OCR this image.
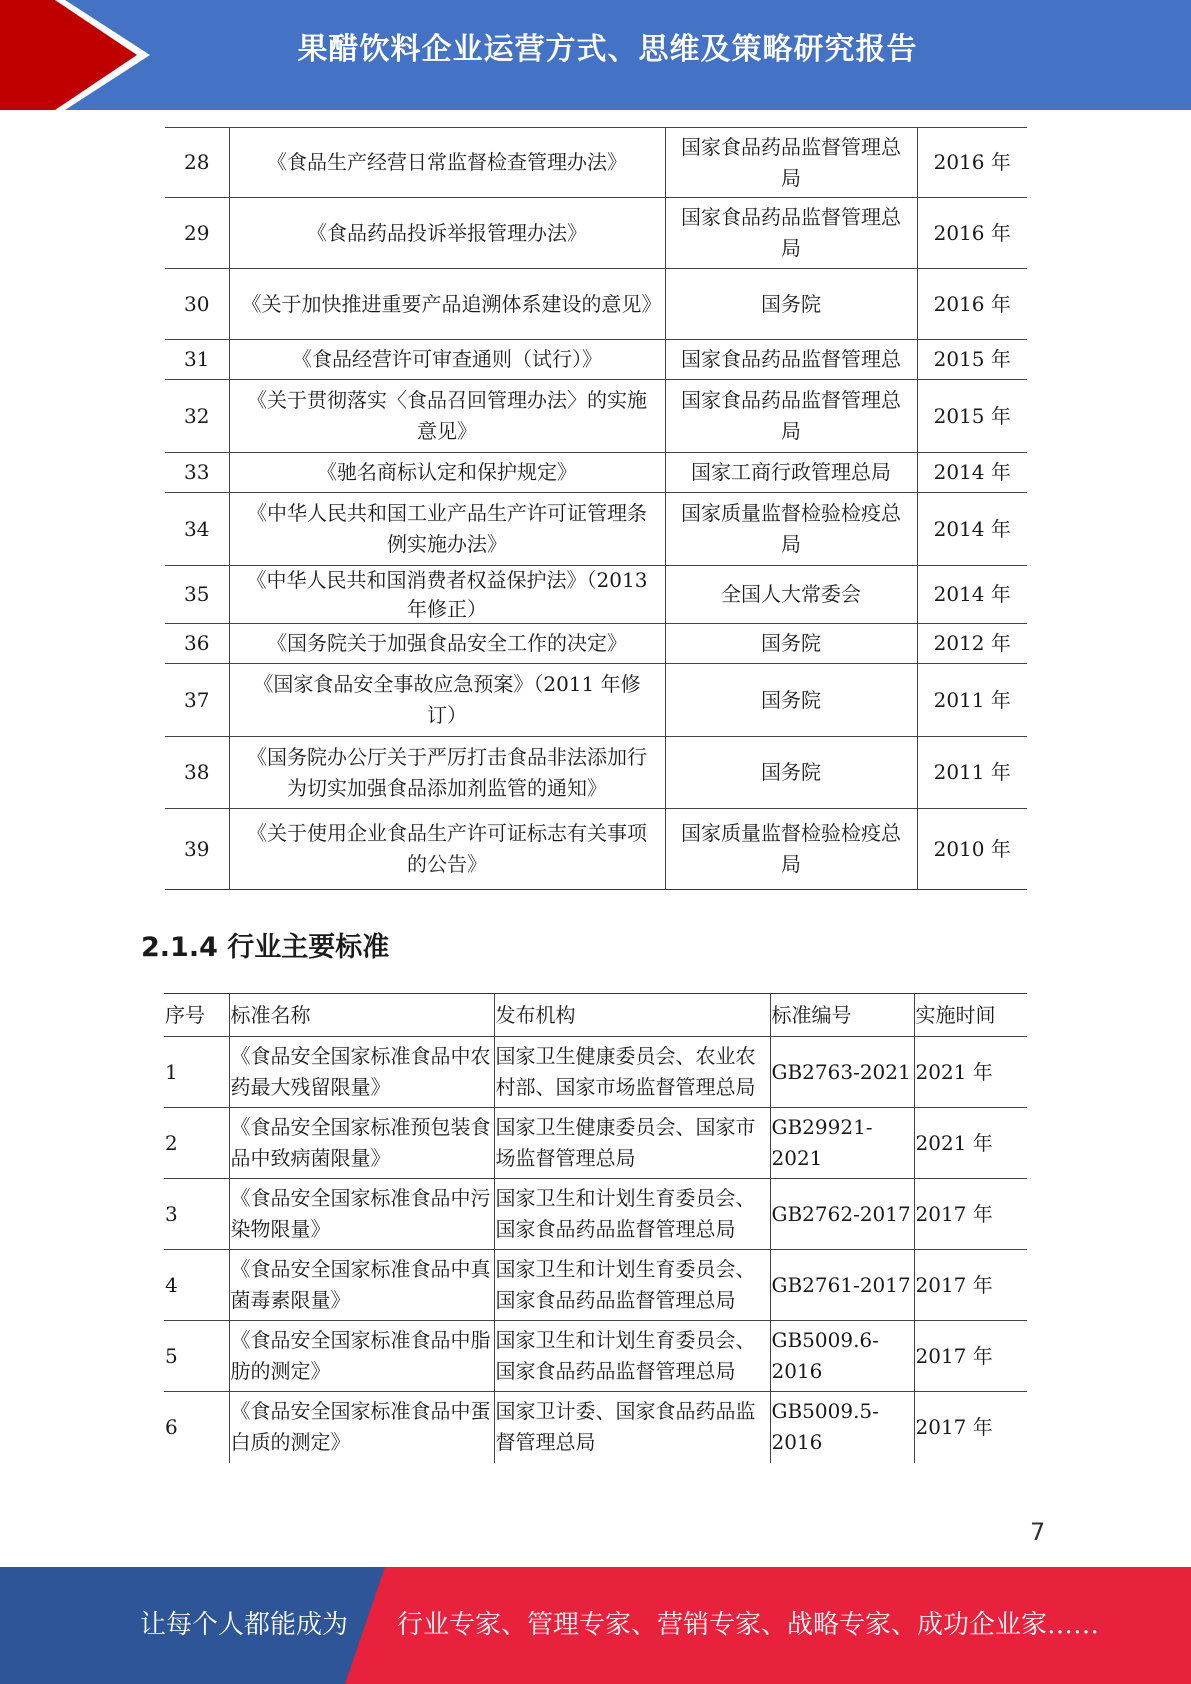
果醋饮料企业运营方式、思维及策略研究报告
28	《食品生产经营日常监督检查管理办法》	国家食品药品监督管理总局	2016 年
29	《食品药品投诉举报管理办法》	国家食品药品监督管理总局	2016 年
30	《关于加快推进重要产品追溯体系建设的意见》	国务院	2016 年
31	《食品经营许可审查通则（试行）》	国家食品药品监督管理总	2015 年
32	《关于贯彻落实〈食品召回管理办法〉的实施意见》	国家食品药品监督管理总局	2015 年
33	《驰名商标认定和保护规定》	国家工商行政管理总局	2014 年
34	《中华人民共和国工业产品生产许可证管理条例实施办法》	国家质量监督检验检疫总局	2014 年
35	《中华人民共和国消费者权益保护法》（2013 年修正）	全国人大常委会	2014 年
36	《国务院关于加强食品安全工作的决定》	国务院	2012 年
37	《国家食品安全事故应急预案》（2011 年修订）	国务院	2011 年
38	《国务院办公厅关于严厉打击食品非法添加行为切实加强食品添加剂监管的通知》	国务院	2011 年
39	《关于使用企业食品生产许可证标志有关事项的公告》	国家质量监督检验检疫总局	2010 年
2.1.4 行业主要标准
序号	标准名称	发布机构	标准编号	实施时间
1	《食品安全国家标准食品中农药最大残留限量》	国家卫生健康委员会、农业农村部、国家市场监督管理总局	GB2763-2021	2021 年
2	《食品安全国家标准预包装食品中致病菌限量》	国家卫生健康委员会、国家市场监督管理总局	GB29921-2021	2021 年
3	《食品安全国家标准食品中污染物限量》	国家卫生和计划生育委员会、国家食品药品监督管理总局	GB2762-2017	2017 年
4	《食品安全国家标准食品中真菌毒素限量》	国家卫生和计划生育委员会、国家食品药品监督管理总局	GB2761-2017	2017 年
5	《食品安全国家标准食品中脂肪的测定》	国家卫生和计划生育委员会、国家食品药品监督管理总局	GB5009.6-2016	2017 年
6	《食品安全国家标准食品中蛋白质的测定》	国家卫计委、国家食品药品监督管理总局	GB5009.5-2016	2017 年
7
让每个人都能成为 行业专家、管理专家、营销专家、战略专家、成功企业家……
